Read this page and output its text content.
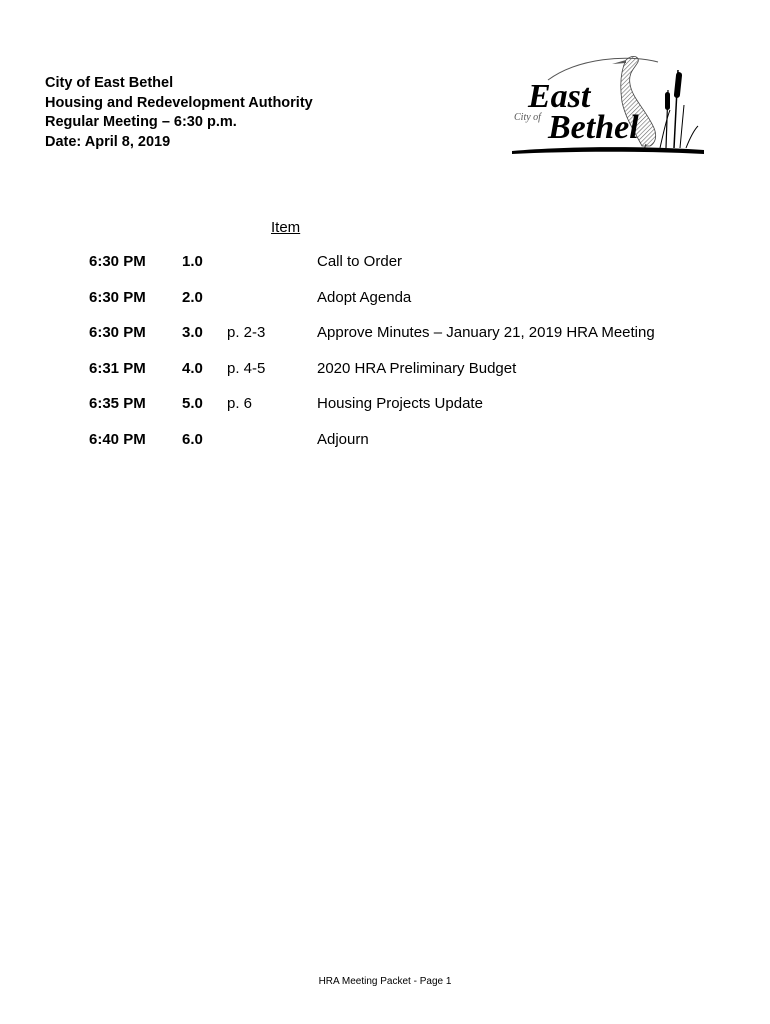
City of East Bethel
Housing and Redevelopment Authority
Regular Meeting – 6:30 p.m.
Date: April 8, 2019
East
City of Bethel
Item
6:30 PM 1.0	Call to Order
6:30 PM 2.0	Adopt Agenda
6:30 PM 3.0 p. 2-3	Approve Minutes – January 21, 2019 HRA Meeting
6:31 PM 4.0 p. 4-5	2020 HRA Preliminary Budget
6:35 PM 5.0 p. 6	Housing Projects Update
6:40 PM 6.0	Adjourn
HRA Meeting Packet - Page 1
